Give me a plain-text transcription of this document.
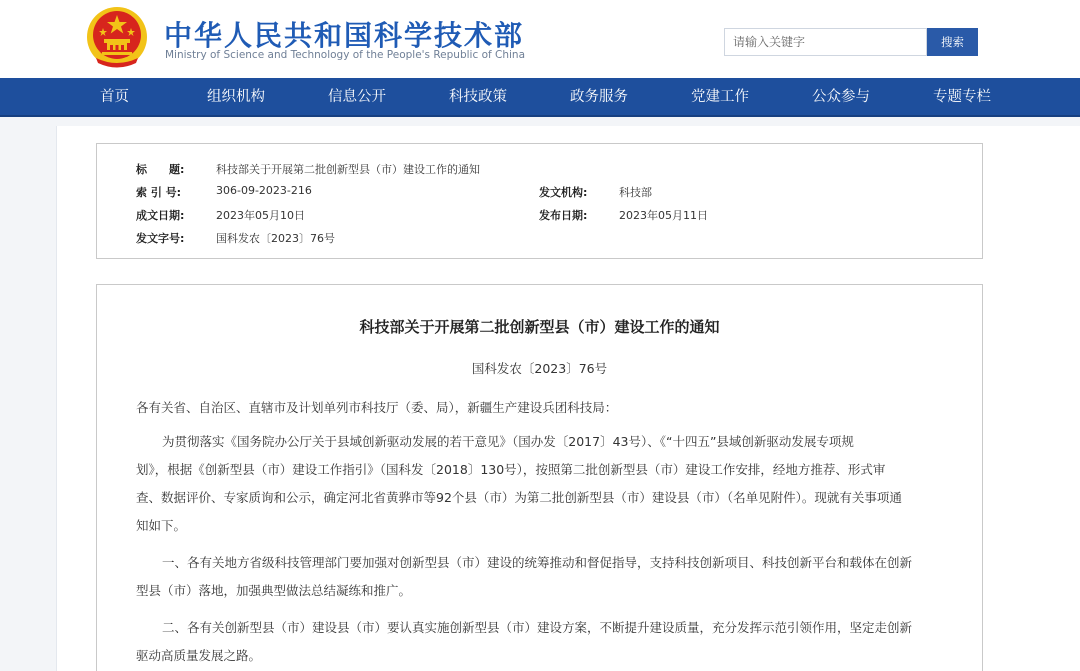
中华人民共和国科学技术部
Ministry of Science and Technology of the People's Republic of China
请输入关键字
搜索
首页	组织机构	信息公开	科技政策	政务服务	党建工作	公众参与	专题专栏
标　　题:	科技部关于开展第二批创新型县（市）建设工作的通知
索 引 号:	306-09-2023-216	发文机构:	科技部
成文日期:	2023年05月10日	发布日期:	2023年05月11日
发文字号:	国科发农〔2023〕76号
科技部关于开展第二批创新型县（市）建设工作的通知
国科发农〔2023〕76号
各有关省、自治区、直辖市及计划单列市科技厅（委、局），新疆生产建设兵团科技局：
为贯彻落实《国务院办公厅关于县域创新驱动发展的若干意见》（国办发〔2017〕43号）、《“十四五”县域创新驱动发展专项规
划》，根据《创新型县（市）建设工作指引》（国科发〔2018〕130号），按照第二批创新型县（市）建设工作安排，经地方推荐、形式审
查、数据评价、专家质询和公示，确定河北省黄骅市等92个县（市）为第二批创新型县（市）建设县（市）（名单见附件）。现就有关事项通
知如下。
一、各有关地方省级科技管理部门要加强对创新型县（市）建设的统筹推动和督促指导，支持科技创新项目、科技创新平台和载体在创新
型县（市）落地，加强典型做法总结凝练和推广。
二、各有关创新型县（市）建设县（市）要认真实施创新型县（市）建设方案，不断提升建设质量，充分发挥示范引领作用，坚定走创新
驱动高质量发展之路。
